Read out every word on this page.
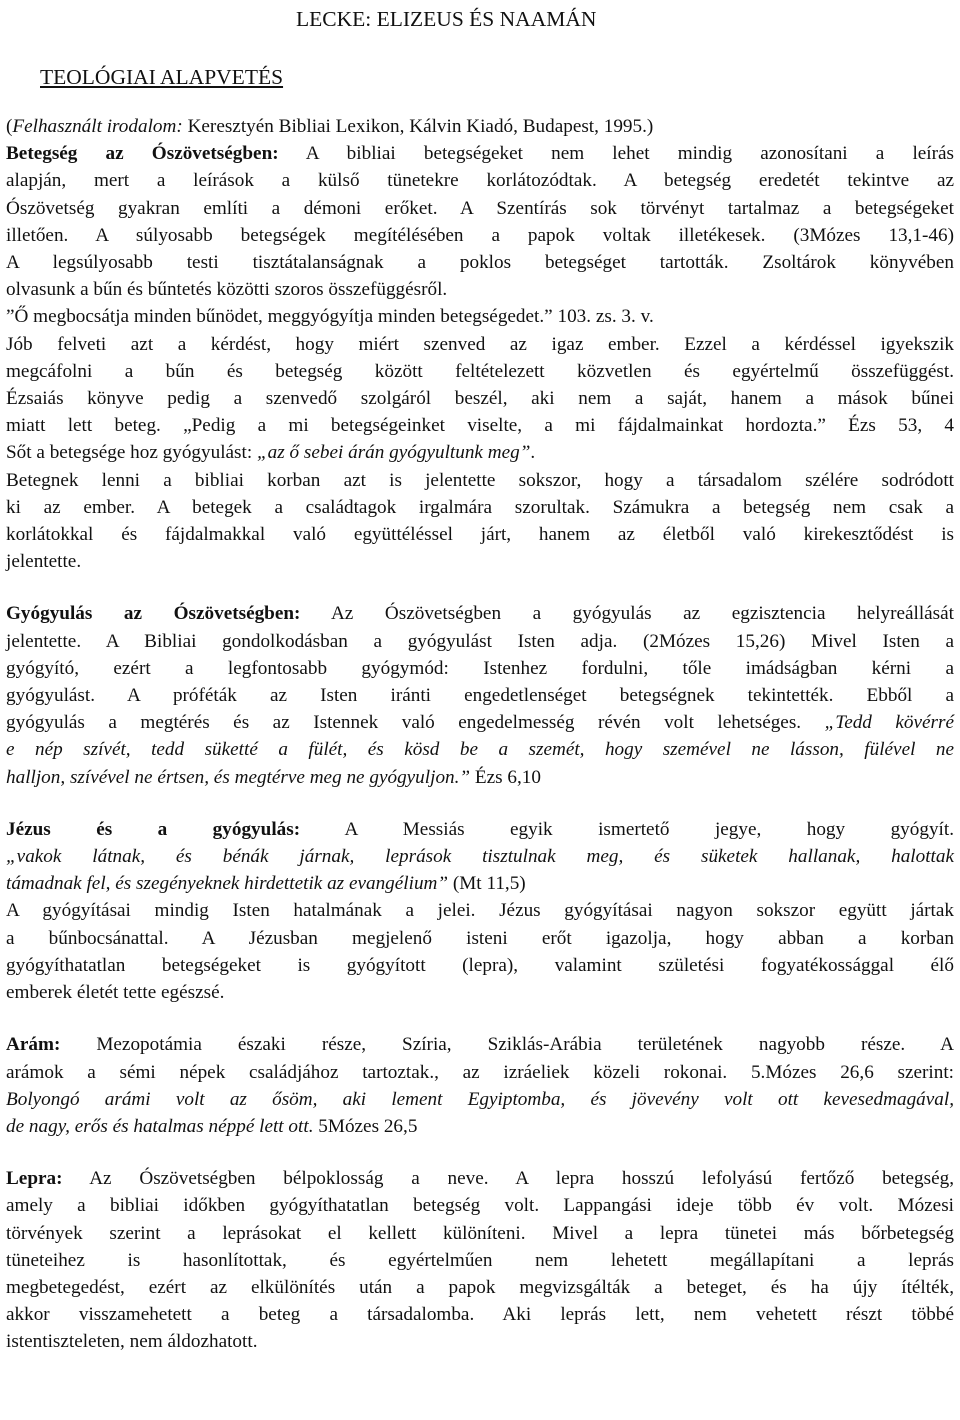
LECKE: ELIZEUS ÉS NAAMÁN
TEOLÓGIAI ALAPVETÉS
(Felhasznált irodalom: Keresztyén Bibliai Lexikon, Kálvin Kiadó, Budapest, 1995.)
Betegség az Ószövetségben: A bibliai betegségeket nem lehet mindig azonosítani a leírás
alapján, mert a leírások a külső tünetekre korlátozódtak. A betegség eredetét tekintve az
Ószövetség gyakran említi a démoni erőket. A Szentírás sok törvényt tartalmaz a betegségeket
illetően. A súlyosabb betegségek megítélésében a papok voltak illetékesek. (3Mózes 13,1-46)
A legsúlyosabb testi tisztátalanságnak a poklos betegséget tartották. Zsoltárok könyvében
olvasunk a bűn és bűntetés közötti szoros összefüggésről.
”Ő megbocsátja minden bűnödet, meggyógyítja minden betegségedet.” 103. zs. 3. v.
Jób felveti azt a kérdést, hogy miért szenved az igaz ember. Ezzel a kérdéssel igyekszik
megcáfolni a bűn és betegség között feltételezett közvetlen és egyértelmű összefüggést.
Ézsaiás könyve pedig a szenvedő szolgáról beszél, aki nem a saját, hanem a mások bűnei
miatt lett beteg. „Pedig a mi betegségeinket viselte, a mi fájdalmainkat hordozta.” Ézs 53, 4
Sőt a betegsége hoz gyógyulást: „az ő sebei árán gyógyultunk meg”.
Betegnek lenni a bibliai korban azt is jelentette sokszor, hogy a társadalom szélére sodródott
ki az ember. A betegek a családtagok irgalmára szorultak. Számukra a betegség nem csak a
korlátokkal és fájdalmakkal való együttéléssel járt, hanem az életből való kirekesztődést is
jelentette.
Gyógyulás az Ószövetségben: Az Ószövetségben a gyógyulás az egzisztencia helyreállását
jelentette. A Bibliai gondolkodásban a gyógyulást Isten adja. (2Mózes 15,26) Mivel Isten a
gyógyító, ezért a legfontosabb gyógymód: Istenhez fordulni, tőle imádságban kérni a
gyógyulást. A próféták az Isten iránti engedetlenséget betegségnek tekintették. Ebből a
gyógyulás a megtérés és az Istennek való engedelmesség révén volt lehetséges. „Tedd kövérré
e nép szívét, tedd süketté a fülét, és kösd be a szemét, hogy szemével ne lásson, fülével ne
halljon, szívével ne értsen, és megtérve meg ne gyógyuljon.” Ézs 6,10
Jézus és a gyógyulás: A Messiás egyik ismertető jegye, hogy gyógyít.
„vakok látnak, és bénák járnak, leprások tisztulnak meg, és süketek hallanak, halottak
támadnak fel, és szegényeknek hirdettetik az evangélium” (Mt 11,5)
A gyógyításai mindig Isten hatalmának a jelei. Jézus gyógyításai nagyon sokszor együtt jártak
a bűnbocsánattal. A Jézusban megjelenő isteni erőt igazolja, hogy abban a korban
gyógyíthatatlan betegségeket is gyógyított (lepra), valamint születési fogyatékossággal élő
emberek életét tette egészsé.
Arám: Mezopotámia északi része, Szíria, Sziklás-Arábia területének nagyobb része. A
arámok a sémi népek családjához tartoztak., az izráeliek közeli rokonai. 5.Mózes 26,6 szerint:
Bolyongó arámi volt az ősöm, aki lement Egyiptomba, és jövevény volt ott kevesedmagával,
de nagy, erős és hatalmas néppé lett ott. 5Mózes 26,5
Lepra: Az Ószövetségben bélpoklosság a neve. A lepra hosszú lefolyású fertőző betegség,
amely a bibliai időkben gyógyíthatatlan betegség volt. Lappangási ideje több év volt. Mózesi
törvények szerint a leprásokat el kellett különíteni. Mivel a lepra tünetei más bőrbetegség
tüneteihez is hasonlítottak, és egyértelműen nem lehetett megállapítani a leprás
megbetegedést, ezért az elkülönítés után a papok megvizsgálták a beteget, és ha újy ítélték,
akkor visszamehetett a beteg a társadalomba. Aki leprás lett, nem vehetett részt többé
istentiszteleten, nem áldozhatott.
